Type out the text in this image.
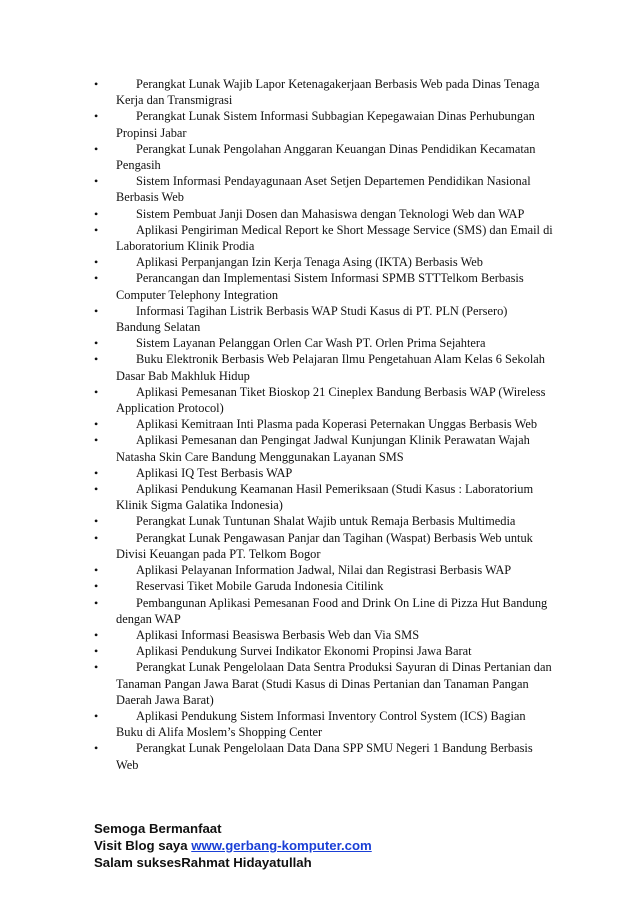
•	Perangkat Lunak Wajib Lapor Ketenagakerjaan Berbasis Web pada Dinas Tenaga Kerja dan Transmigrasi
•	Perangkat Lunak Sistem Informasi Subbagian Kepegawaian Dinas Perhubungan Propinsi Jabar
•	Perangkat Lunak Pengolahan Anggaran Keuangan Dinas Pendidikan Kecamatan Pengasih
•	Sistem Informasi Pendayagunaan Aset Setjen Departemen Pendidikan Nasional Berbasis Web
•	Sistem Pembuat Janji Dosen dan Mahasiswa dengan Teknologi Web dan WAP
•	Aplikasi Pengiriman Medical Report ke Short Message Service (SMS) dan Email di Laboratorium Klinik Prodia
•	Aplikasi Perpanjangan Izin Kerja Tenaga Asing (IKTA) Berbasis Web
•	Perancangan dan Implementasi Sistem Informasi SPMB STTTelkom Berbasis Computer Telephony Integration
•	Informasi Tagihan Listrik Berbasis WAP Studi Kasus di PT. PLN (Persero) Bandung Selatan
•	Sistem Layanan Pelanggan Orlen Car Wash PT. Orlen Prima Sejahtera
•	Buku Elektronik Berbasis Web Pelajaran Ilmu Pengetahuan Alam Kelas 6 Sekolah Dasar Bab Makhluk Hidup
•	Aplikasi Pemesanan Tiket Bioskop 21 Cineplex Bandung Berbasis WAP (Wireless Application Protocol)
•	Aplikasi Kemitraan Inti Plasma pada Koperasi Peternakan Unggas Berbasis Web
•	Aplikasi Pemesanan dan Pengingat Jadwal Kunjungan Klinik Perawatan Wajah Natasha Skin Care Bandung Menggunakan Layanan SMS
•	Aplikasi IQ Test Berbasis WAP
•	Aplikasi Pendukung Keamanan Hasil Pemeriksaan (Studi Kasus : Laboratorium Klinik Sigma Galatika Indonesia)
•	Perangkat Lunak Tuntunan Shalat Wajib untuk Remaja Berbasis Multimedia
•	Perangkat Lunak Pengawasan Panjar dan Tagihan (Waspat) Berbasis Web untuk Divisi Keuangan pada PT. Telkom Bogor
•	Aplikasi Pelayanan Information Jadwal, Nilai dan Registrasi Berbasis WAP
•	Reservasi Tiket Mobile Garuda Indonesia Citilink
•	Pembangunan Aplikasi Pemesanan Food and Drink On Line di Pizza Hut Bandung dengan WAP
•	Aplikasi Informasi Beasiswa Berbasis Web dan Via SMS
•	Aplikasi Pendukung Survei Indikator Ekonomi Propinsi Jawa Barat
•	Perangkat Lunak Pengelolaan Data Sentra Produksi Sayuran di Dinas Pertanian dan Tanaman Pangan Jawa Barat (Studi Kasus di Dinas Pertanian dan Tanaman Pangan Daerah Jawa Barat)
•	Aplikasi Pendukung Sistem Informasi Inventory Control System (ICS) Bagian Buku di Alifa Moslem’s Shopping Center
•	Perangkat Lunak Pengelolaan Data Dana SPP SMU Negeri 1 Bandung Berbasis Web
Semoga Bermanfaat
Visit Blog saya www.gerbang-komputer.com
Salam suksesRahmat Hidayatullah
